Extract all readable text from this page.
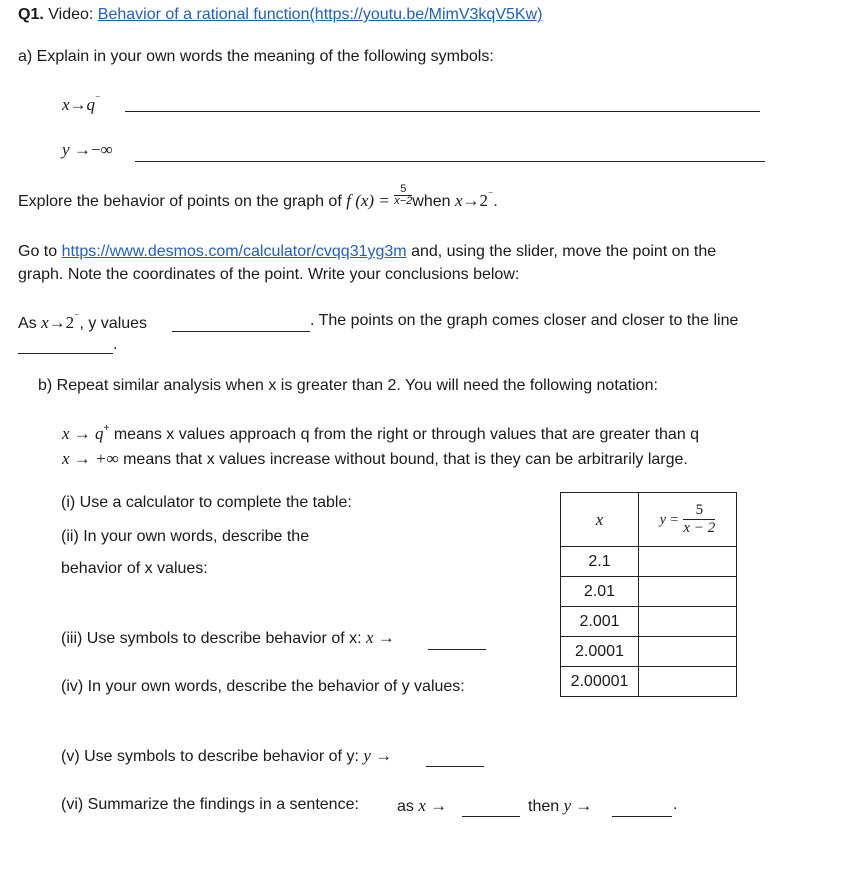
Q1. Video: Behavior of a rational function(https://youtu.be/MimV3kqV5Kw)
a) Explain in your own words the meaning of the following symbols:
x→q⁻
y →−∞
Explore the behavior of points on the graph of f $(x) = \frac{5}{x-2}$ when x→2⁻.
Go to https://www.desmos.com/calculator/cvqq31yg3m and, using the slider, move the point on the
graph. Note the coordinates of the point. Write your conclusions below:
As x→2⁻, y values	. The points on the graph comes closer and closer to the line
.
b) Repeat similar analysis when x is greater than 2. You will need the following notation:
x → q+ means x values approach q from the right or through values that are greater than q
x → +∞ means that x values increase without bound, that is they can be arbitrarily large.
(i) Use a calculator to complete the table:
(ii) In your own words, describe the
behavior of x values:
(iii) Use symbols to describe behavior of x: x →
(iv) In your own words, describe the behavior of y values:
(v) Use symbols to describe behavior of y: y →
(vi) Summarize the findings in a sentence: as x →	then y →	.
x	$y = \frac{5}{x - 2}$

2.1	
2.01	
2.001	
2.0001	
2.00001	
